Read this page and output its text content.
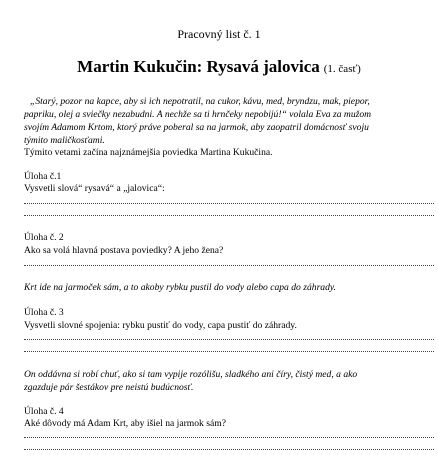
Pracovný list č. 1
Martin Kukučin: Rysavá jalovica (1. časť)
„Starý, pozor na kapce, aby si ich nepotratil, na cukor, kávu, med, bryndzu, mak, piepor,
papriku, olej a sviečky nezabudni. A nechže sa ti hrnčeky nepobijú!“ volala Eva za mužom
svojím Adamom Krtom, ktorý práve poberal sa na jarmok, aby zaopatril domácnosť svoju
týmito maličkosťami.
Týmito vetami začína najznámejšia poviedka Martina Kukučina.
Úloha č.1
Vysvetli slová“ rysavá“ a „jalovica“:
Úloha č. 2
Ako sa volá hlavná postava poviedky? A jeho žena?
Krt ide na jarmoček sám, a to akoby rybku pustil do vody alebo capa do záhrady.
Úloha č. 3
Vysvetli slovné spojenia: rybku pustiť do vody, capa pustiť do záhrady.
On oddávna si robí chuť, ako si tam vypije rozólišu, sladkého ani číry, čistý med, a ako
zgazduje pár šestákov pre neistú budúcnosť.
Úloha č. 4
Aké dôvody má Adam Krt, aby išiel na jarmok sám?
